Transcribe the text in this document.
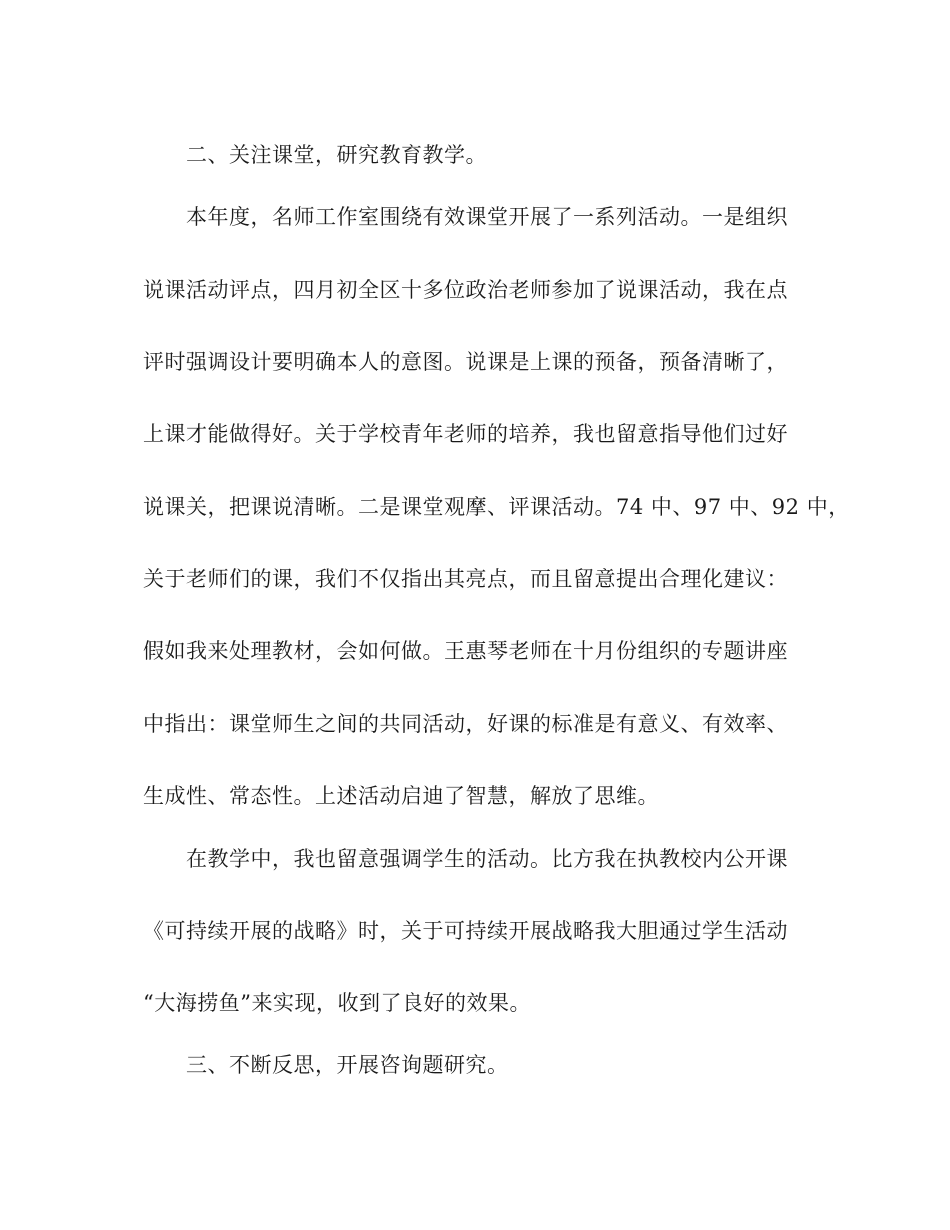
二、关注课堂，研究教育教学。
本年度，名师工作室围绕有效课堂开展了一系列活动。一是组织
说课活动评点，四月初全区十多位政治老师参加了说课活动，我在点
评时强调设计要明确本人的意图。说课是上课的预备，预备清晰了，
上课才能做得好。关于学校青年老师的培养，我也留意指导他们过好
说课关，把课说清晰。二是课堂观摩、评课活动。74 中、97 中、92 中，
关于老师们的课，我们不仅指出其亮点，而且留意提出合理化建议：
假如我来处理教材，会如何做。王惠琴老师在十月份组织的专题讲座
中指出：课堂师生之间的共同活动，好课的标准是有意义、有效率、
生成性、常态性。上述活动启迪了智慧，解放了思维。
在教学中，我也留意强调学生的活动。比方我在执教校内公开课
《可持续开展的战略》时，关于可持续开展战略我大胆通过学生活动
“大海捞鱼”来实现，收到了良好的效果。
三、不断反思，开展咨询题研究。
